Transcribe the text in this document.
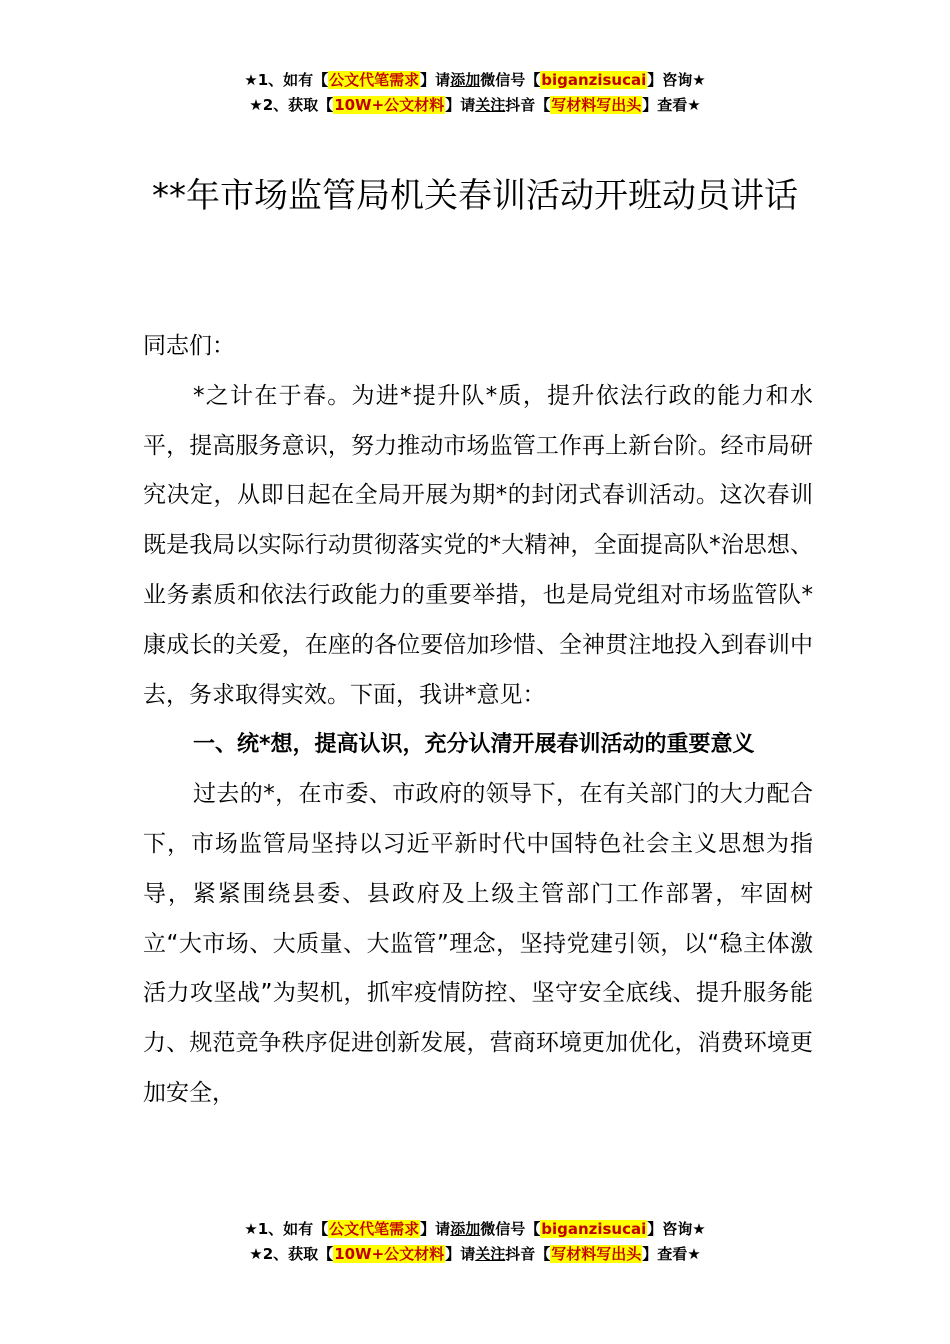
★1、如有【公文代笔需求】请添加微信号【biganzisucai】咨询★
★2、获取【10W+公文材料】请关注抖音【写材料写出头】查看★
**年市场监管局机关春训活动开班动员讲话

同志们：

*之计在于春。为进*提升队*质，提升依法行政的能力和水平，提高服务意识，努力推动市场监管工作再上新台阶。经市局研究决定，从即日起在全局开展为期*的封闭式春训活动。这次春训既是我局以实际行动贯彻落实党的*大精神，全面提高队*治思想、业务素质和依法行政能力的重要举措，也是局党组对市场监管队*康成长的关爱，在座的各位要倍加珍惜、全神贯注地投入到春训中去，务求取得实效。下面，我讲*意见：

一、统*想，提高认识，充分认清开展春训活动的重要意义

过去的*，在市委、市政府的领导下，在有关部门的大力配合下，市场监管局坚持以习近平新时代中国特色社会主义思想为指导，紧紧围绕县委、县政府及上级主管部门工作部署，牢固树立“大市场、大质量、大监管”理念，坚持党建引领，以“稳主体激活力攻坚战”为契机，抓牢疫情防控、坚守安全底线、提升服务能力、规范竞争秩序促进创新发展，营商环境更加优化，消费环境更加安全，

★1、如有【公文代笔需求】请添加微信号【biganzisucai】咨询★
★2、获取【10W+公文材料】请关注抖音【写材料写出头】查看★
